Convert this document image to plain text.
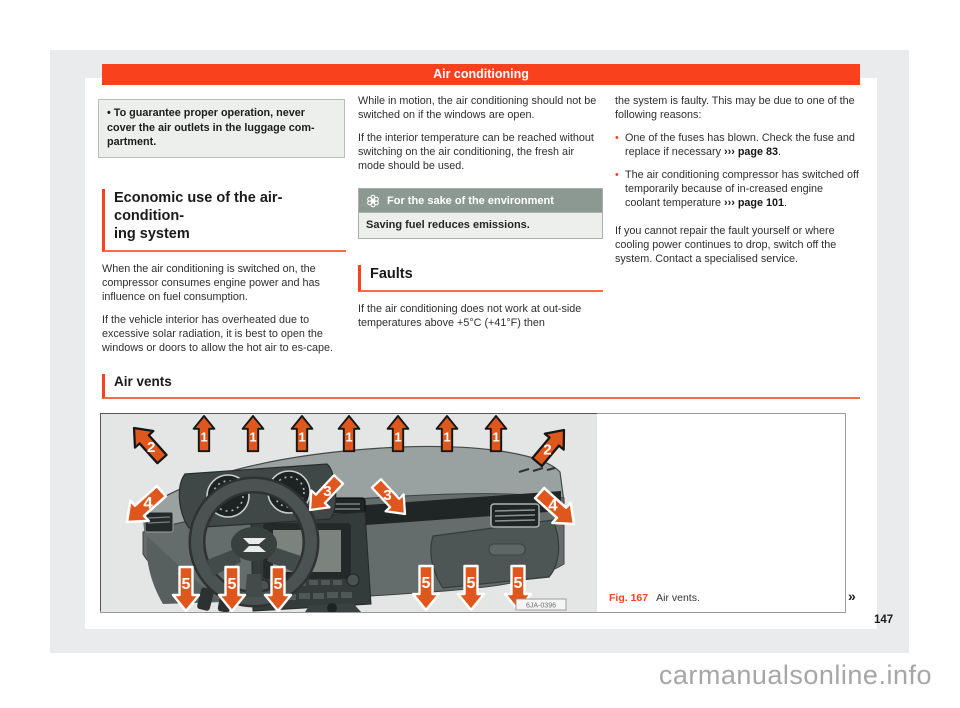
Air conditioning
• To guarantee proper operation, never cover the air outlets in the luggage com-partment.
Economic use of the air-condition-
ing system

When the air conditioning is switched on, the compressor consumes engine power and has influence on fuel consumption.

If the vehicle interior has overheated due to excessive solar radiation, it is best to open the windows or doors to allow the hot air to es-cape.

While in motion, the air conditioning should not be switched on if the windows are open.

If the interior temperature can be reached without switching on the air conditioning, the fresh air mode should be used.

For the sake of the environment
Saving fuel reduces emissions.
Faults

If the air conditioning does not work at out-side temperatures above +5°C (+41°F) then

the system is faulty. This may be due to one of the following reasons:

• One of the fuses has blown. Check the fuse and replace if necessary ››› page 83.
• The air conditioning compressor has switched off temporarily because of in-creased engine coolant temperature ››› page 101.

If you cannot repair the fault yourself or where cooling power continues to drop, switch off the system. Contact a specialised service.

Air vents
2
1	1	1 1	1	1	1
2
3	3
4	4
5 5 5	5 5 5
6JA-0396
Fig. 167 Air vents.	»
147
carmanualsonline.info
